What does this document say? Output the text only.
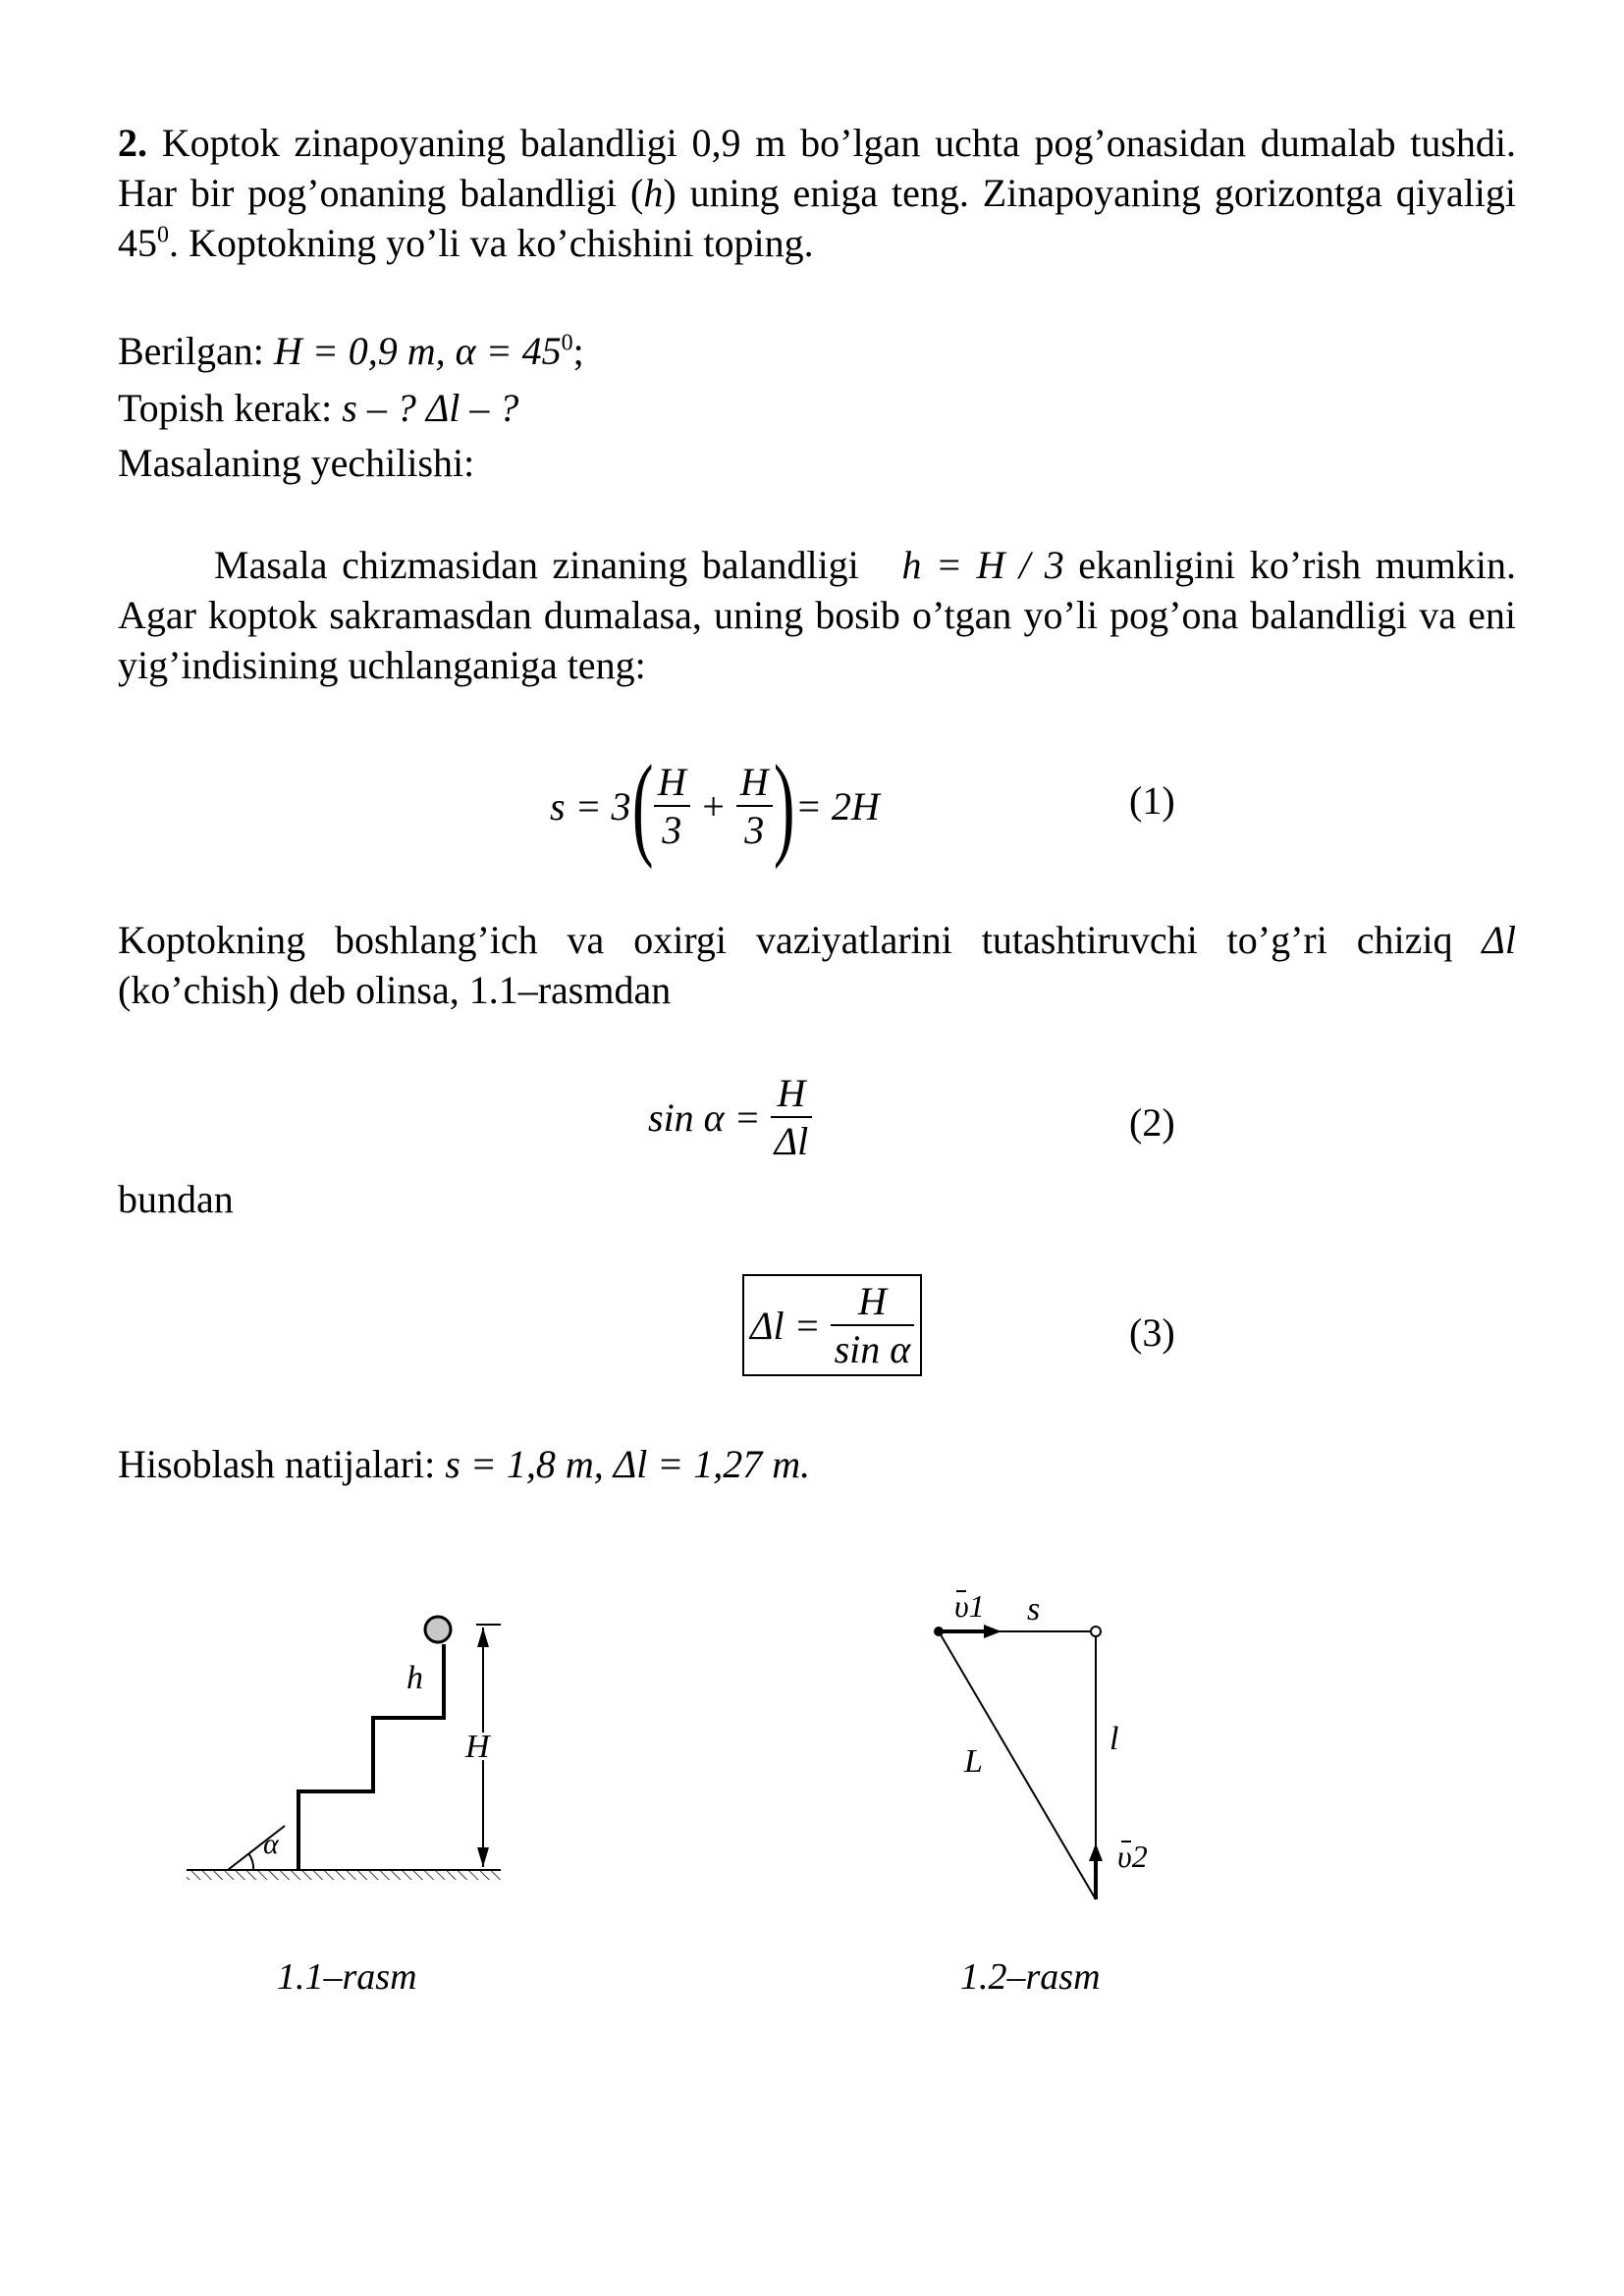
2. Koptok zinapoyaning balandligi 0,9 m bo’lgan uchta pog’onasidan dumalab tushdi. Har bir pog’onaning balandligi (h) uning eniga teng. Zinapoyaning gorizontga qiyaligi $45^0$. Koptokning yo’li va ko’chishini toping.
Berilgan: H = 0,9 m, $\alpha = 45^0$;
Topish kerak: s – ? Δl – ?
Masalaning yechilishi:
Masala chizmasidan zinaning balandligi h = H / 3 ekanligini ko’rish mumkin. Agar koptok sakramasdan dumalasa, uning bosib o’tgan yo’li pog’ona balandligi va eni yig’indisining uchlanganiga teng:
$s = 3( \frac{H}{3} + \frac{H}{3}$ )= 2H	(1)
Koptokning boshlang’ich va oxirgi vaziyatlarini tutashtiruvchi to’g’ri chiziq Δl (ko’chish) deb olinsa, 1.1–rasmdan
$\sin \alpha = \frac{H}{\Delta l}$	(2)
bundan
$\Delta l = \frac{H}{\text{sin α}}$	(3)
Hisoblash natijalari: s = 1,8 m, Δl = 1,27 m.
α
h
H
1.1–rasm
υ1 s
l
L
υ2
1.2–rasm
